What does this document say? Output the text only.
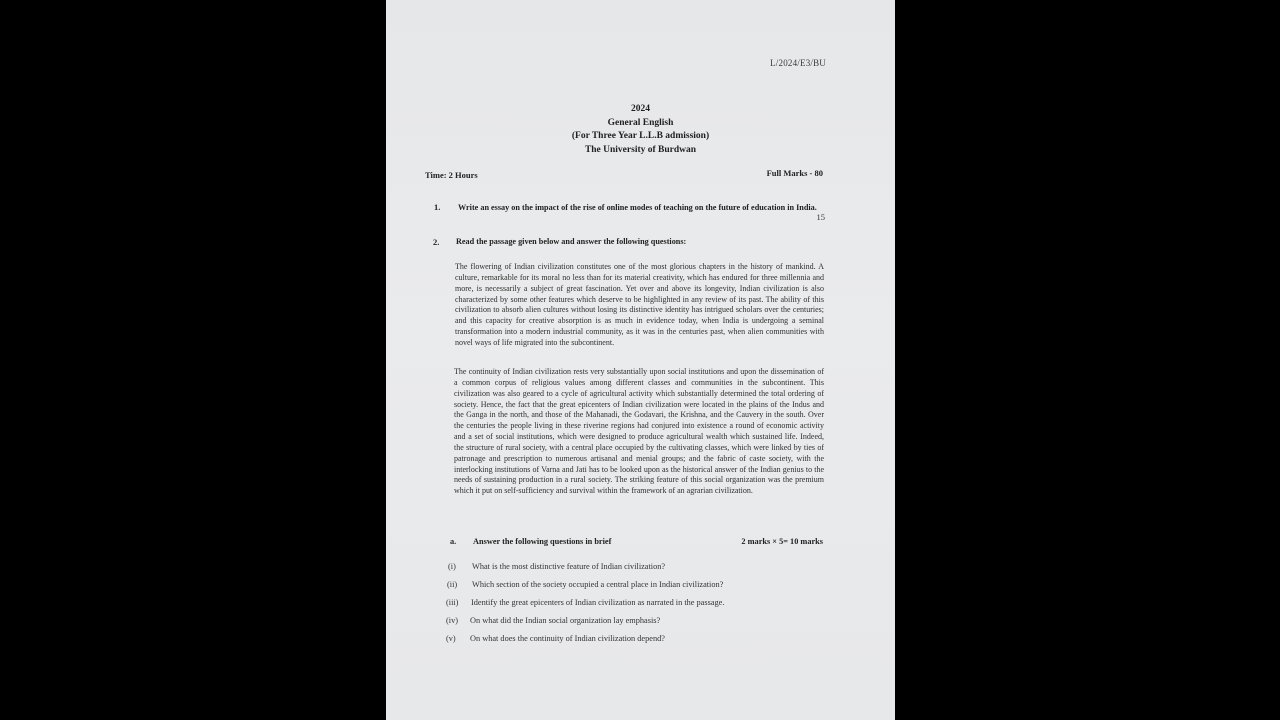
L/2024/E3/BU
2024
General English
(For Three Year L.L.B admission)
The University of Burdwan
Time: 2 Hours	Full Marks - 80
1. Write an essay on the impact of the rise of online modes of teaching on the future of education in India.
15
2. Read the passage given below and answer the following questions:
The flowering of Indian civilization constitutes one of the most glorious chapters in the history of mankind. A culture, remarkable for its moral no less than for its material creativity, which has endured for three millennia and more, is necessarily a subject of great fascination. Yet over and above its longevity, Indian civilization is also characterized by some other features which deserve to be highlighted in any review of its past. The ability of this civilization to absorb alien cultures without losing its distinctive identity has intrigued scholars over the centuries; and this capacity for creative absorption is as much in evidence today, when India is undergoing a seminal transformation into a modern industrial community, as it was in the centuries past, when alien communities with novel ways of life migrated into the subcontinent.
The continuity of Indian civilization rests very substantially upon social institutions and upon the dissemination of a common corpus of religious values among different classes and communities in the subcontinent. This civilization was also geared to a cycle of agricultural activity which substantially determined the total ordering of society. Hence, the fact that the great epicenters of Indian civilization were located in the plains of the Indus and the Ganga in the north, and those of the Mahanadi, the Godavari, the Krishna, and the Cauvery in the south. Over the centuries the people living in these riverine regions had conjured into existence a round of economic activity and a set of social institutions, which were designed to produce agricultural wealth which sustained life. Indeed, the structure of rural society, with a central place occupied by the cultivating classes, which were linked by ties of patronage and prescription to numerous artisanal and menial groups; and the fabric of caste society, with the interlocking institutions of Varna and Jati has to be looked upon as the historical answer of the Indian genius to the needs of sustaining production in a rural society. The striking feature of this social organization was the premium which it put on self-sufficiency and survival within the framework of an agrarian civilization.
a. Answer the following questions in brief	2 marks × 5= 10 marks
(i) What is the most distinctive feature of Indian civilization?
(ii) Which section of the society occupied a central place in Indian civilization?
(iii) Identify the great epicenters of Indian civilization as narrated in the passage.
(iv) On what did the Indian social organization lay emphasis?
(v) On what does the continuity of Indian civilization depend?
